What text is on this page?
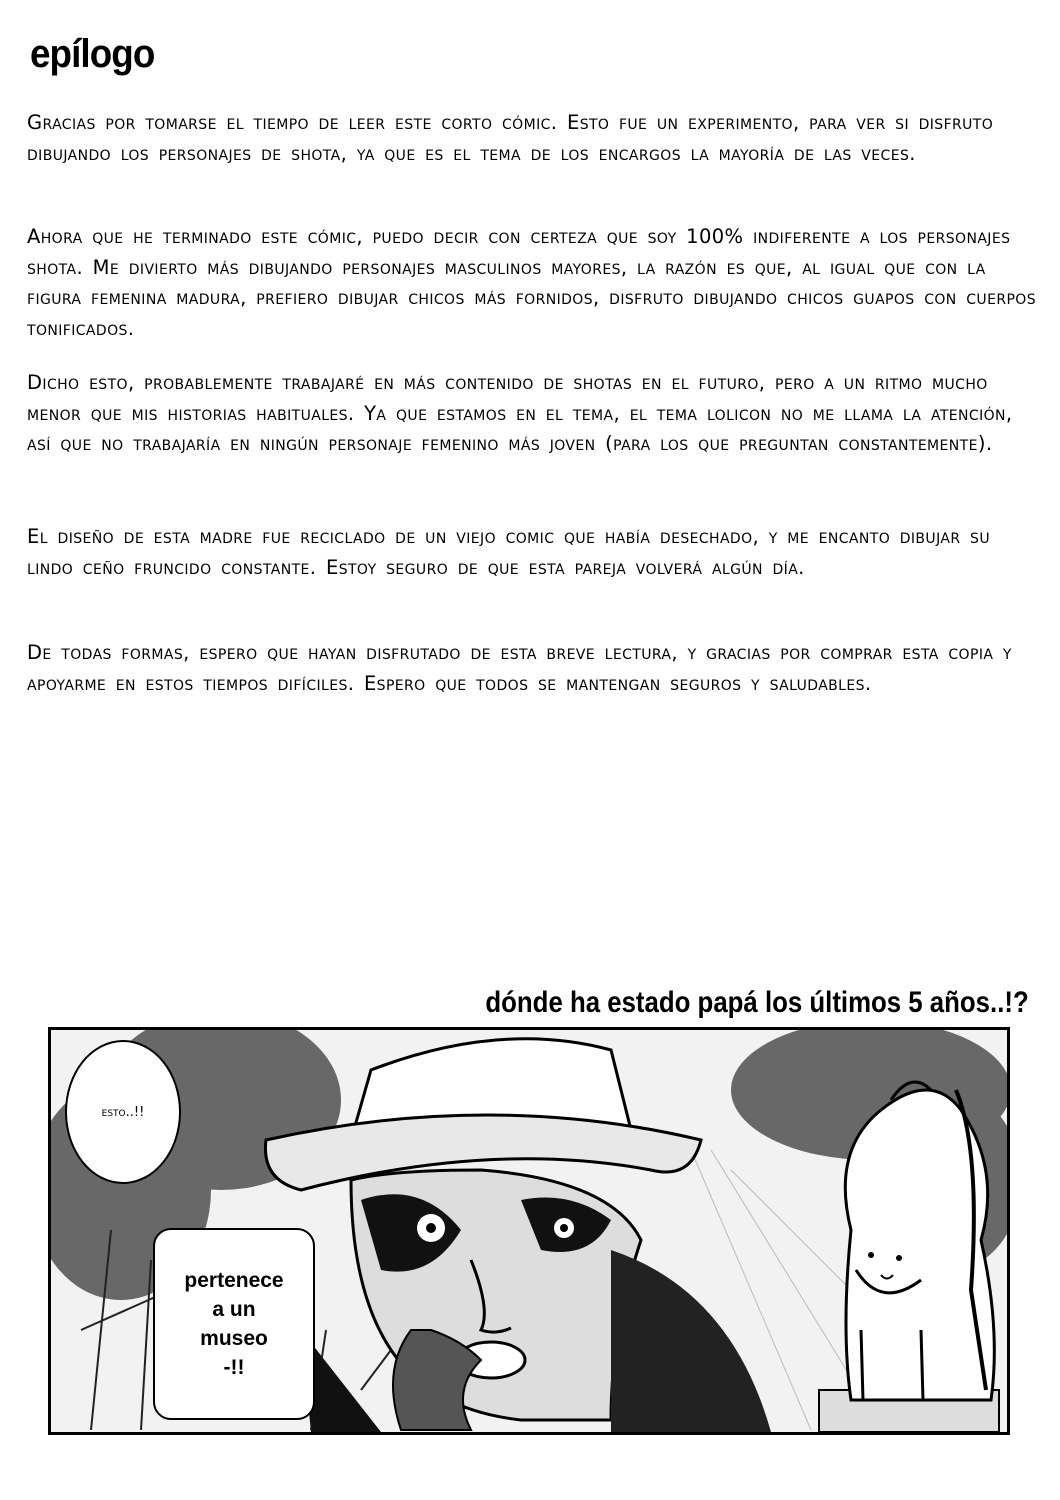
epílogo

Gracias por tomarse el tiempo de leer este corto cómic. Esto fue un experimento, para ver si disfruto dibujando los personajes de shota, ya que es el tema de los encargos la mayoría de las veces.

Ahora que he terminado este cómic, puedo decir con certeza que soy 100% indiferente a los personajes shota. Me divierto más dibujando personajes masculinos mayores, la razón es que, al igual que con la figura femenina madura, prefiero dibujar chicos más fornidos, disfruto dibujando chicos guapos con cuerpos tonificados.

Dicho esto, probablemente trabajaré en más contenido de shotas en el futuro, pero a un ritmo mucho menor que mis historias habituales. Ya que estamos en el tema, el tema lolicon no me llama la atención, así que no trabajaría en ningún personaje femenino más joven (para los que preguntan constantemente).

El diseño de esta madre fue reciclado de un viejo comic que había desechado, y me encanto dibujar su lindo ceño fruncido constante. Estoy seguro de que esta pareja volverá algún día.

De todas formas, espero que hayan disfrutado de esta breve lectura, y gracias por comprar esta copia y apoyarme en estos tiempos difíciles. Espero que todos se mantengan seguros y saludables.

dónde ha estado papá los últimos 5 años..!?
esto..!!
pertenece
a un
museo
-!!
